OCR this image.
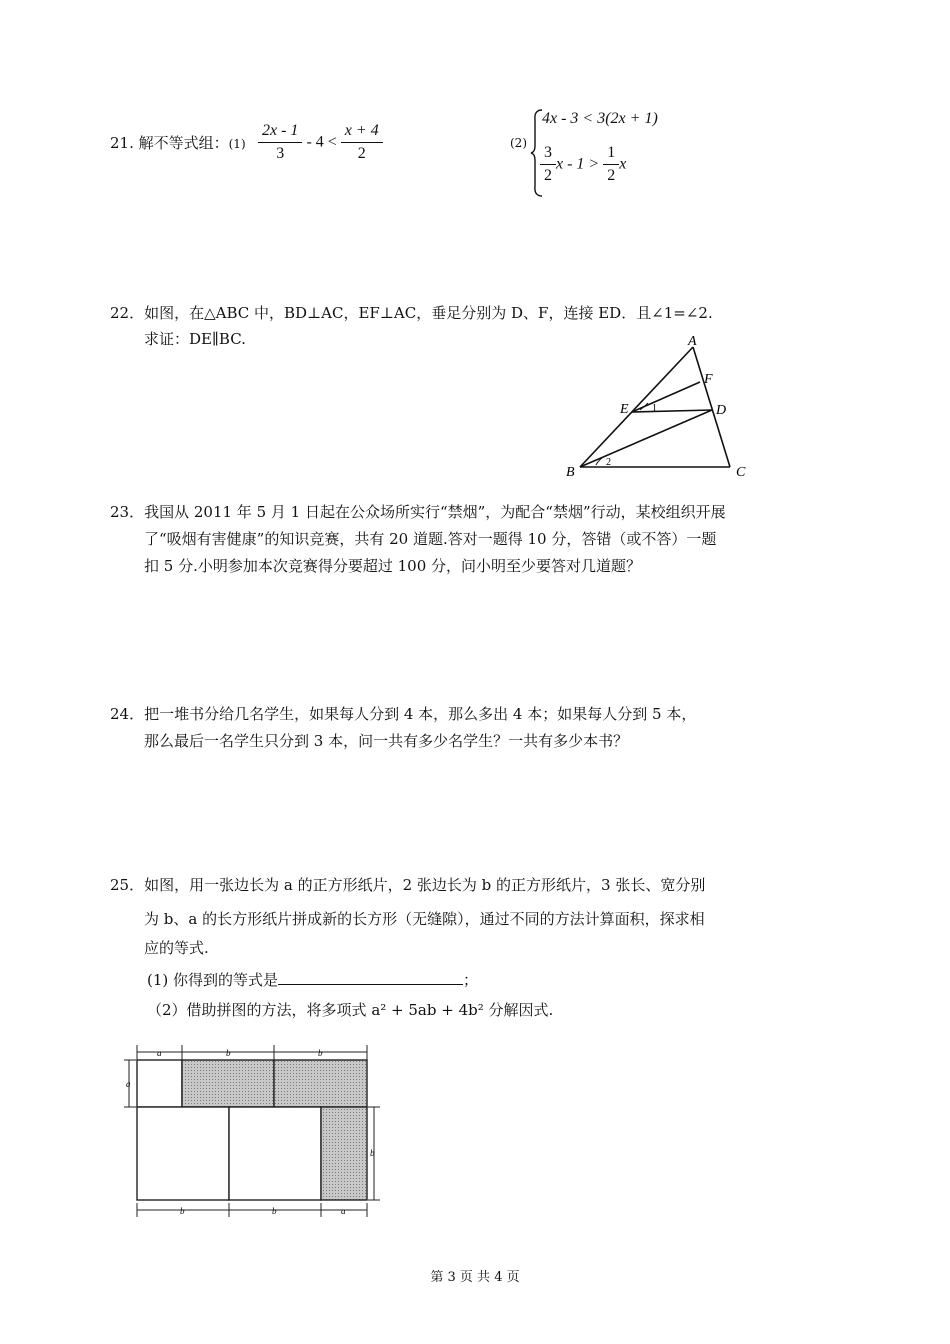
21. 解不等式组：$(1) \frac{2x - 1}{3} - 4 < \frac{x + 4}{2}$	(2)
4x - 3 < 3(2x + 1)
$\frac{3}{2}$ $x - 1 > \frac{1}{2}$ x
22．如图，在△ABC 中，BD⊥AC，EF⊥AC，垂足分别为 D、F，连接 ED．且∠1=∠2.
求证：DE∥BC.	A
F
E	D
B	C
1
2
23．我国从 2011 年 5 月 1 日起在公众场所实行“禁烟”，为配合“禁烟”行动，某校组织开展
了“吸烟有害健康”的知识竞赛，共有 20 道题.答对一题得 10 分，答错（或不答）一题
扣 5 分.小明参加本次竞赛得分要超过 100 分，问小明至少要答对几道题？
24．把一堆书分给几名学生，如果每人分到 4 本，那么多出 4 本；如果每人分到 5 本，
那么最后一名学生只分到 3 本，问一共有多少名学生？一共有多少本书？
25．如图，用一张边长为 a 的正方形纸片，2 张边长为 b 的正方形纸片，3 张长、宽分别
为 b、a 的长方形纸片拼成新的长方形（无缝隙），通过不同的方法计算面积，探求相
应的等式.
(1) 你得到的等式是	；
（2）借助拼图的方法，将多项式 a² + 5ab + 4b² 分解因式.
a	b	b
a
b
b	b	a
第 3 页 共 4 页
